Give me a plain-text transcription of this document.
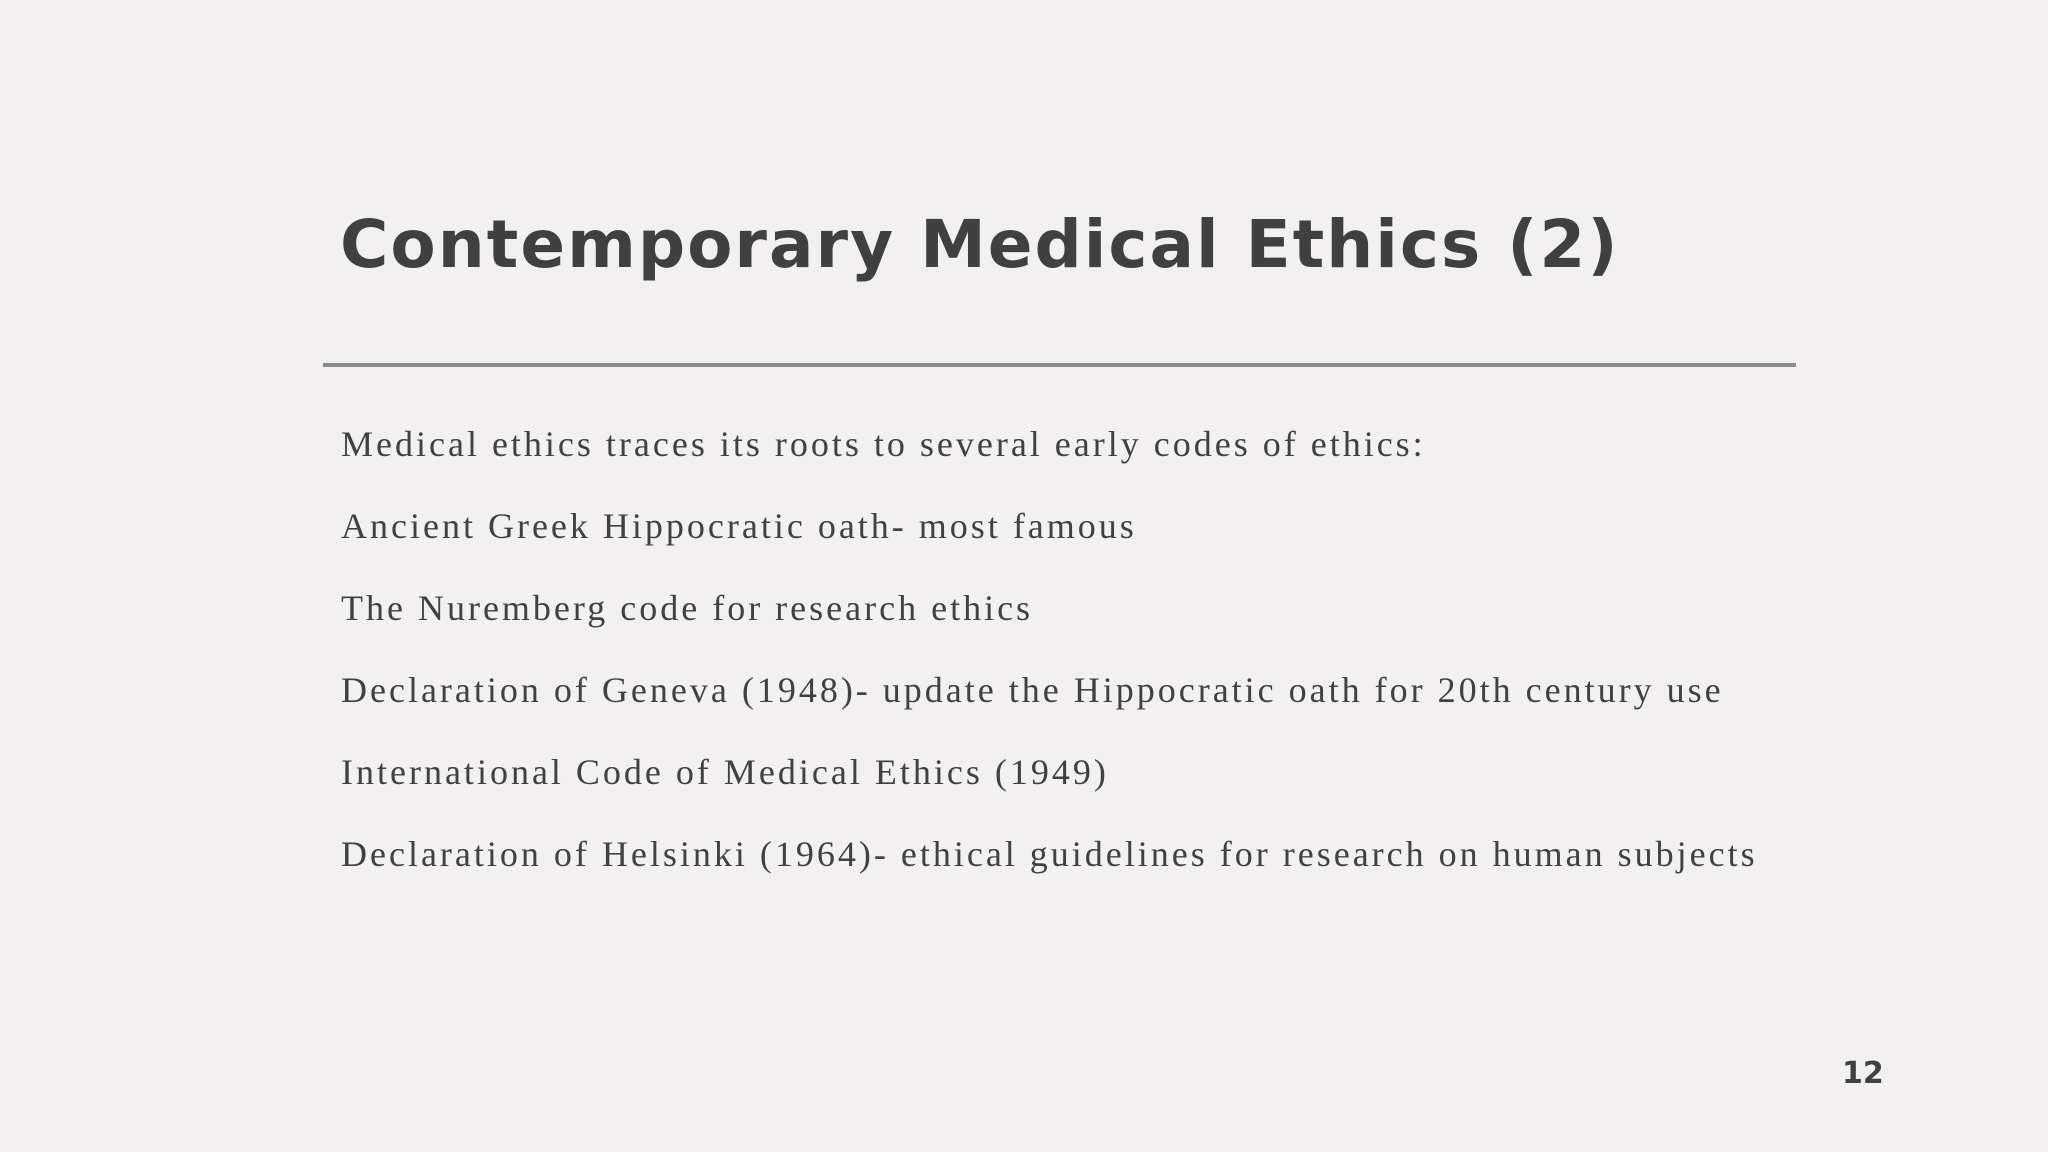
Contemporary Medical Ethics (2)

Medical ethics traces its roots to several early codes of ethics:

Ancient Greek Hippocratic oath- most famous

The Nuremberg code for research ethics

Declaration of Geneva (1948)- update the Hippocratic oath for 20th century use

International Code of Medical Ethics (1949)

Declaration of Helsinki (1964)- ethical guidelines for research on human subjects

12
